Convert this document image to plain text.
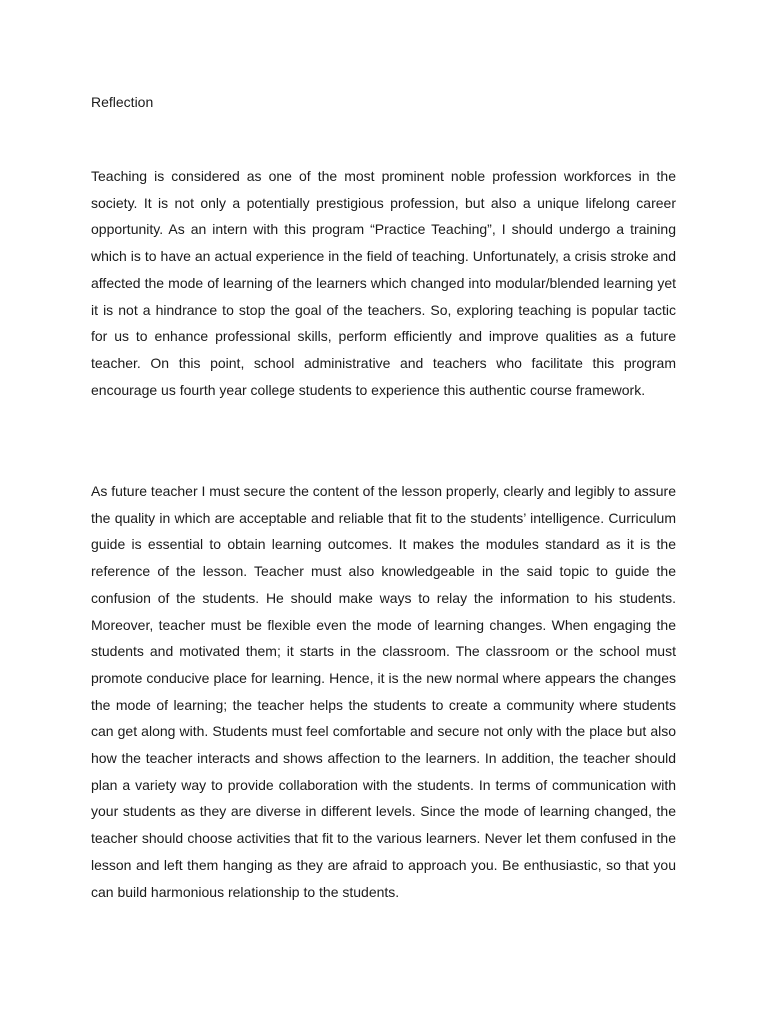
Reflection

Teaching is considered as one of the most prominent noble profession workforces in the society. It is not only a potentially prestigious profession, but also a unique lifelong career opportunity. As an intern with this program “Practice Teaching”, I should undergo a training which is to have an actual experience in the field of teaching. Unfortunately, a crisis stroke and affected the mode of learning of the learners which changed into modular/blended learning yet it is not a hindrance to stop the goal of the teachers. So, exploring teaching is popular tactic for us to enhance professional skills, perform efficiently and improve qualities as a future teacher. On this point, school administrative and teachers who facilitate this program encourage us fourth year college students to experience this authentic course framework.

As future teacher I must secure the content of the lesson properly, clearly and legibly to assure the quality in which are acceptable and reliable that fit to the students’ intelligence. Curriculum guide is essential to obtain learning outcomes. It makes the modules standard as it is the reference of the lesson. Teacher must also knowledgeable in the said topic to guide the confusion of the students. He should make ways to relay the information to his students. Moreover, teacher must be flexible even the mode of learning changes. When engaging the students and motivated them; it starts in the classroom. The classroom or the school must promote conducive place for learning. Hence, it is the new normal where appears the changes the mode of learning; the teacher helps the students to create a community where students can get along with. Students must feel comfortable and secure not only with the place but also how the teacher interacts and shows affection to the learners. In addition, the teacher should plan a variety way to provide collaboration with the students. In terms of communication with your students as they are diverse in different levels. Since the mode of learning changed, the teacher should choose activities that fit to the various learners. Never let them confused in the lesson and left them hanging as they are afraid to approach you. Be enthusiastic, so that you can build harmonious relationship to the students.
